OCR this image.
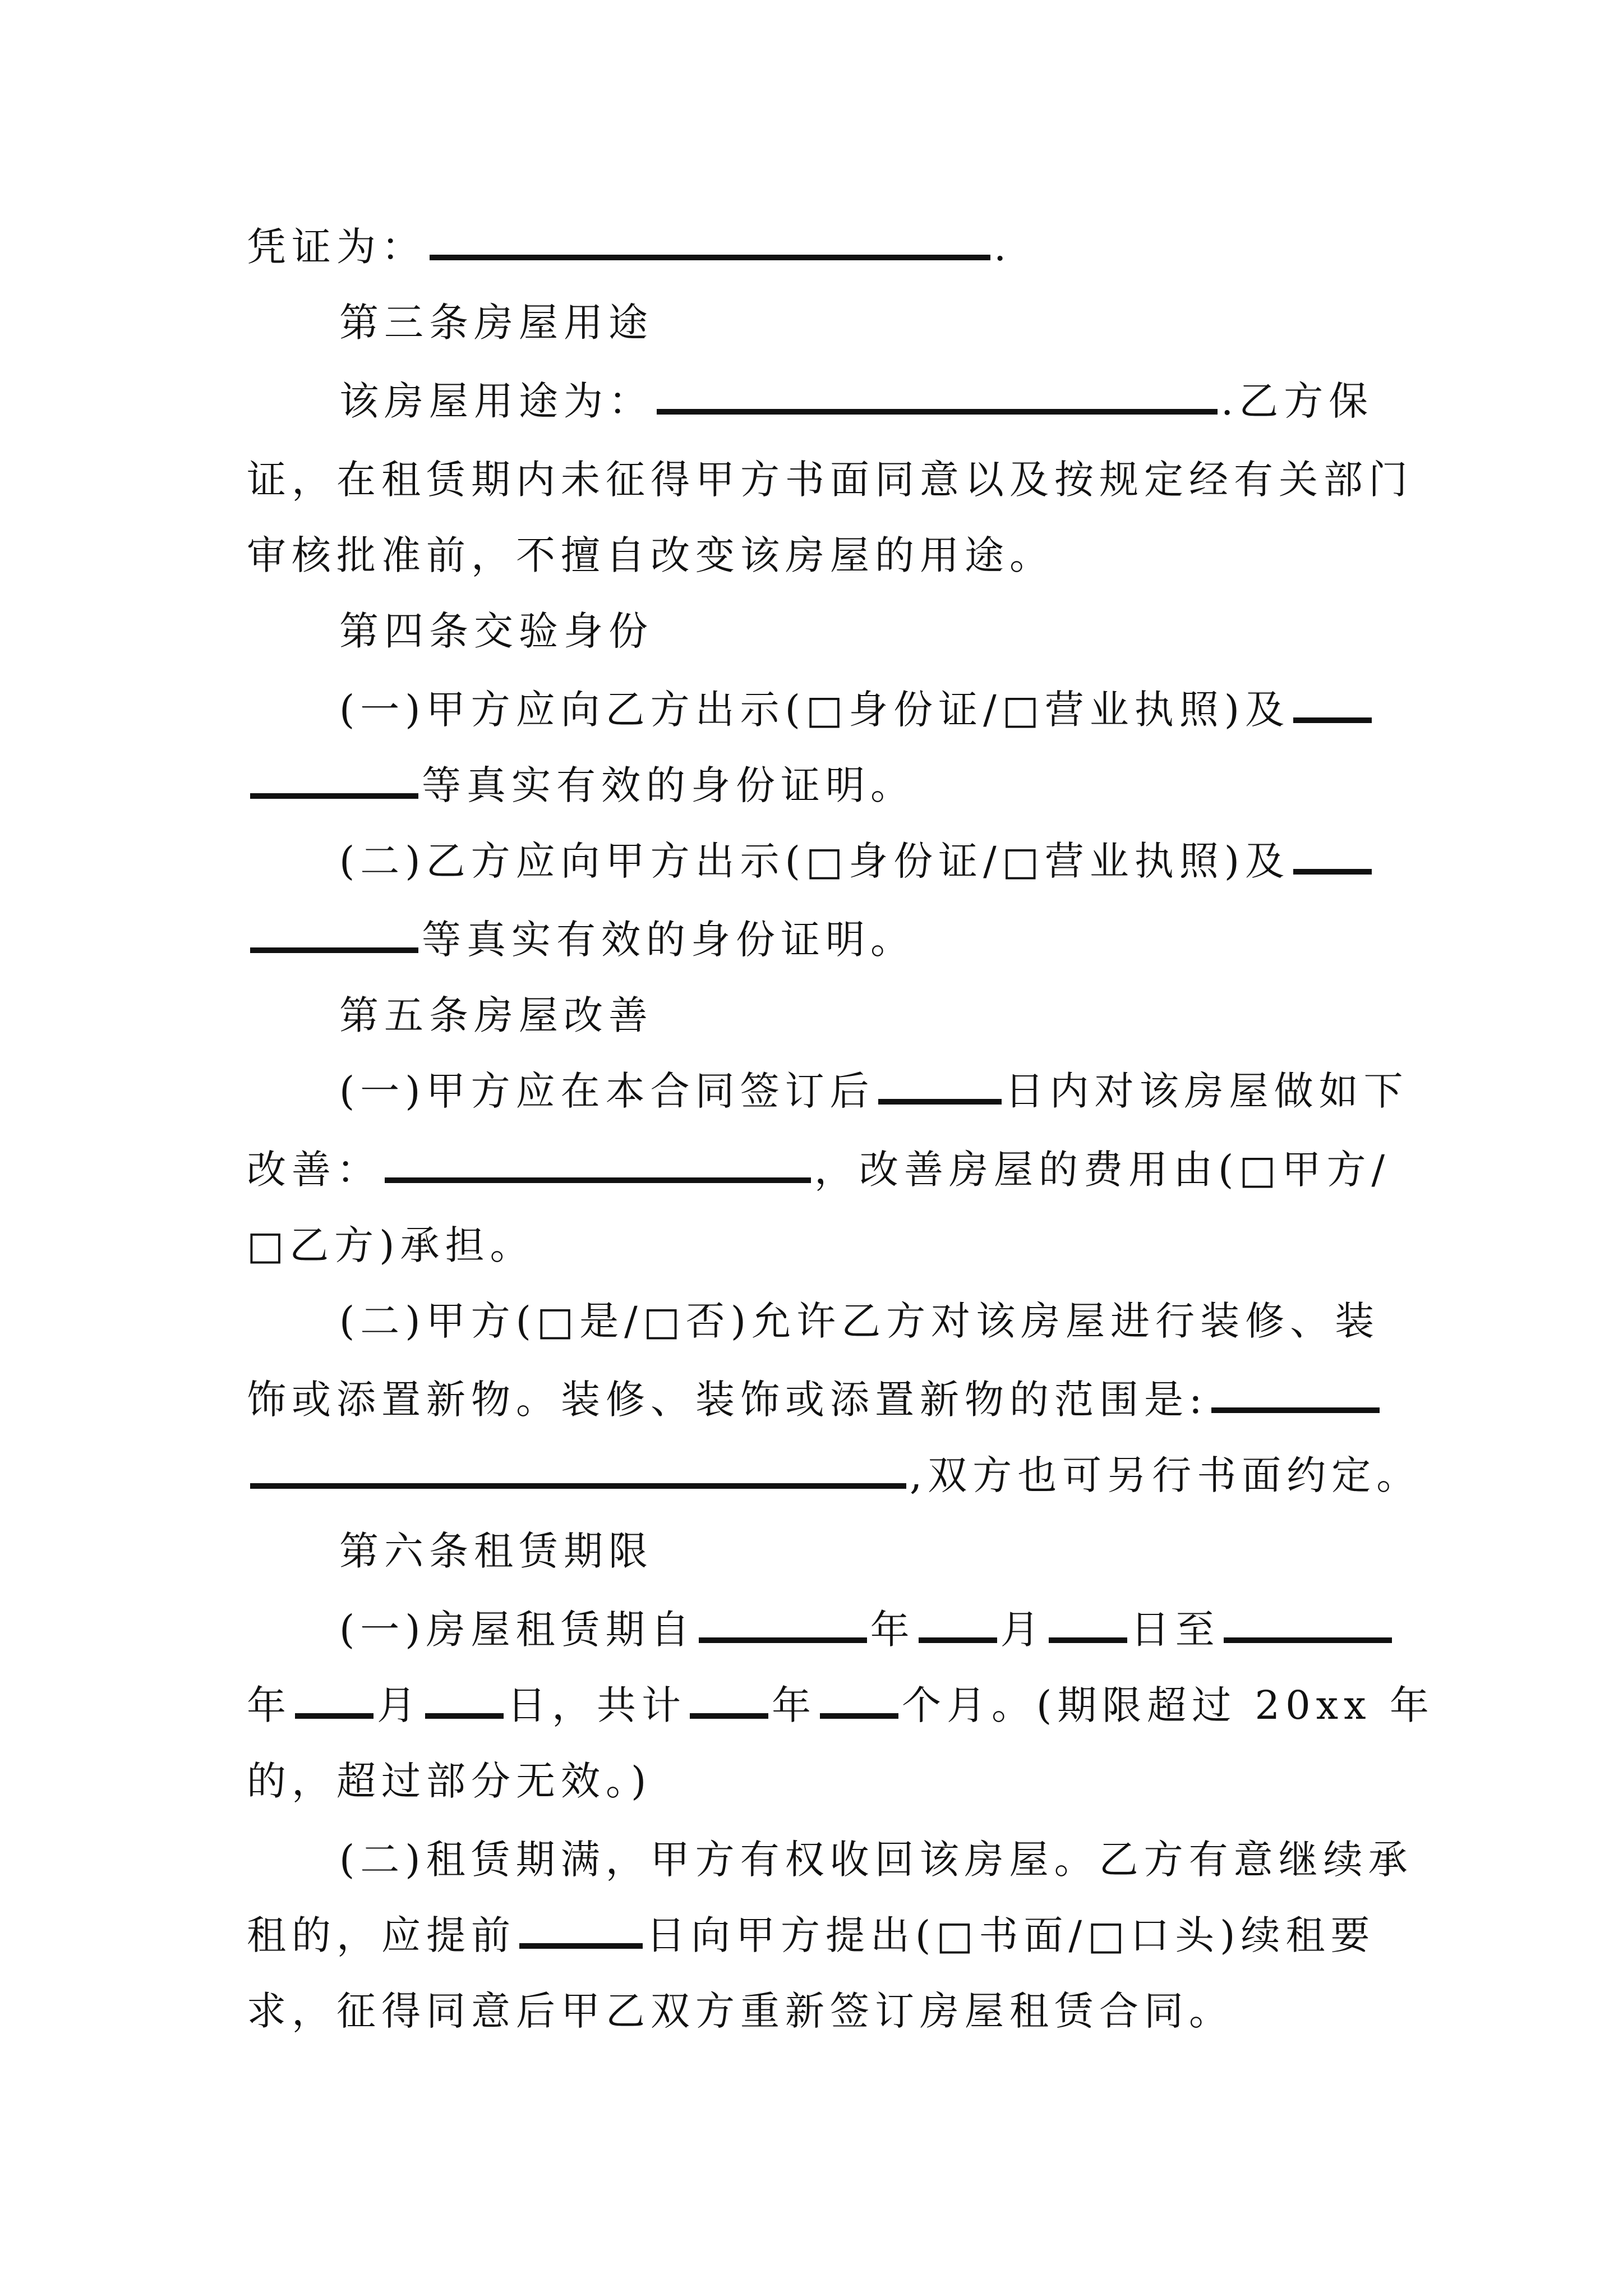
凭证为：	.
第三条房屋用途
该房屋用途为：	.乙方保
证，在租赁期内未征得甲方书面同意以及按规定经有关部门
审核批准前，不擅自改变该房屋的用途。
第四条交验身份
(一)甲方应向乙方出示(□身份证/□营业执照)及
等真实有效的身份证明。
(二)乙方应向甲方出示(□身份证/□营业执照)及
等真实有效的身份证明。
第五条房屋改善
(一)甲方应在本合同签订后	日内对该房屋做如下
改善：	，改善房屋的费用由(□甲方/
□乙方)承担。
(二)甲方(□是/□否)允许乙方对该房屋进行装修、装
饰或添置新物。装修、装饰或添置新物的范围是:
,双方也可另行书面约定。
第六条租赁期限
(一)房屋租赁期自	年 月 日至
年 月 日，共计 年 个月。(期限超过 20xx 年
的，超过部分无效。)
(二)租赁期满，甲方有权收回该房屋。乙方有意继续承
租的，应提前	日向甲方提出(□书面/□口头)续租要
求，征得同意后甲乙双方重新签订房屋租赁合同。
